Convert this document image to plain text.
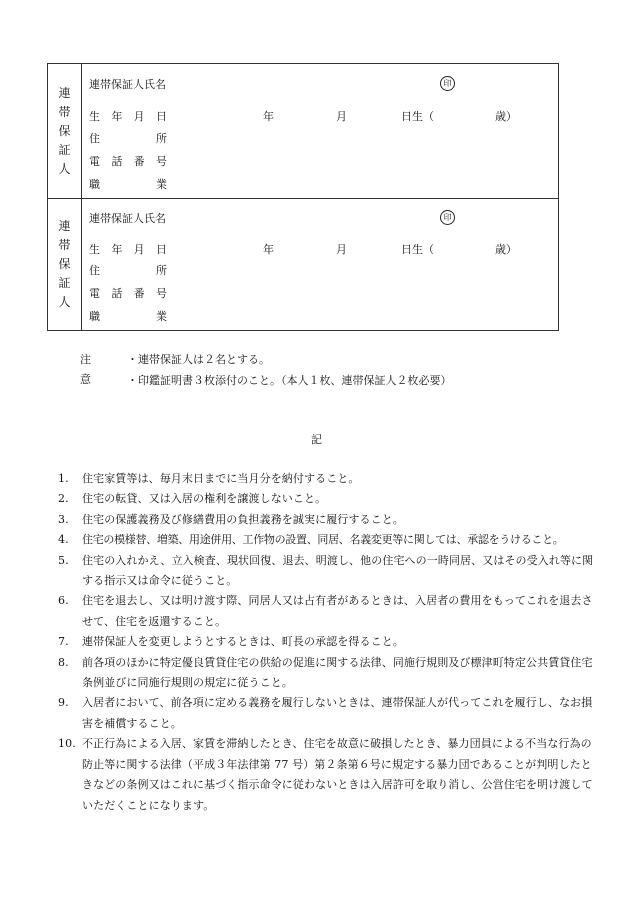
連
帯
保
証
人
連帯保証人氏名	印
生 年 月 日	年	月	日生（	歳）
住	所
電 話 番 号
職	業
連
帯
保
証
人
連帯保証人氏名	印
生 年 月 日	年	月	日生（	歳）
住	所
電 話 番 号
職	業
注意
・連帯保証人は２名とする。
・印鑑証明書３枚添付のこと。（本人１枚、連帯保証人２枚必要）
記
1.	住宅家賃等は、毎月末日までに当月分を納付すること。
2.	住宅の転貸、又は入居の権利を譲渡しないこと。
3.	住宅の保護義務及び修繕費用の負担義務を誠実に履行すること。
4.	住宅の模様替、増築、用途併用、工作物の設置、同居、名義変更等に関しては、承認をうけること。
5.	住宅の入れかえ、立入検査、現状回復、退去、明渡し、他の住宅への一時同居、又はその受入れ等に関する指示又は命令に従うこと。
6.	住宅を退去し、又は明け渡す際、同居人又は占有者があるときは、入居者の費用をもってこれを退去させて、住宅を返還すること。
7.	連帯保証人を変更しようとするときは、町長の承認を得ること。
8.	前各項のほかに特定優良賃貸住宅の供給の促進に関する法律、同施行規則及び標津町特定公共賃貸住宅条例並びに同施行規則の規定に従うこと。
9.	入居者において、前各項に定める義務を履行しないときは、連帯保証人が代ってこれを履行し、なお損害を補償すること。
10. 不正行為による入居、家賃を滞納したとき、住宅を故意に破損したとき、暴力団員による不当な行為の防止等に関する法律（平成３年法律第 77 号）第２条第６号に規定する暴力団であることが判明したときなどの条例又はこれに基づく指示命令に従わないときは入居許可を取り消し、公営住宅を明け渡していただくことになります。
